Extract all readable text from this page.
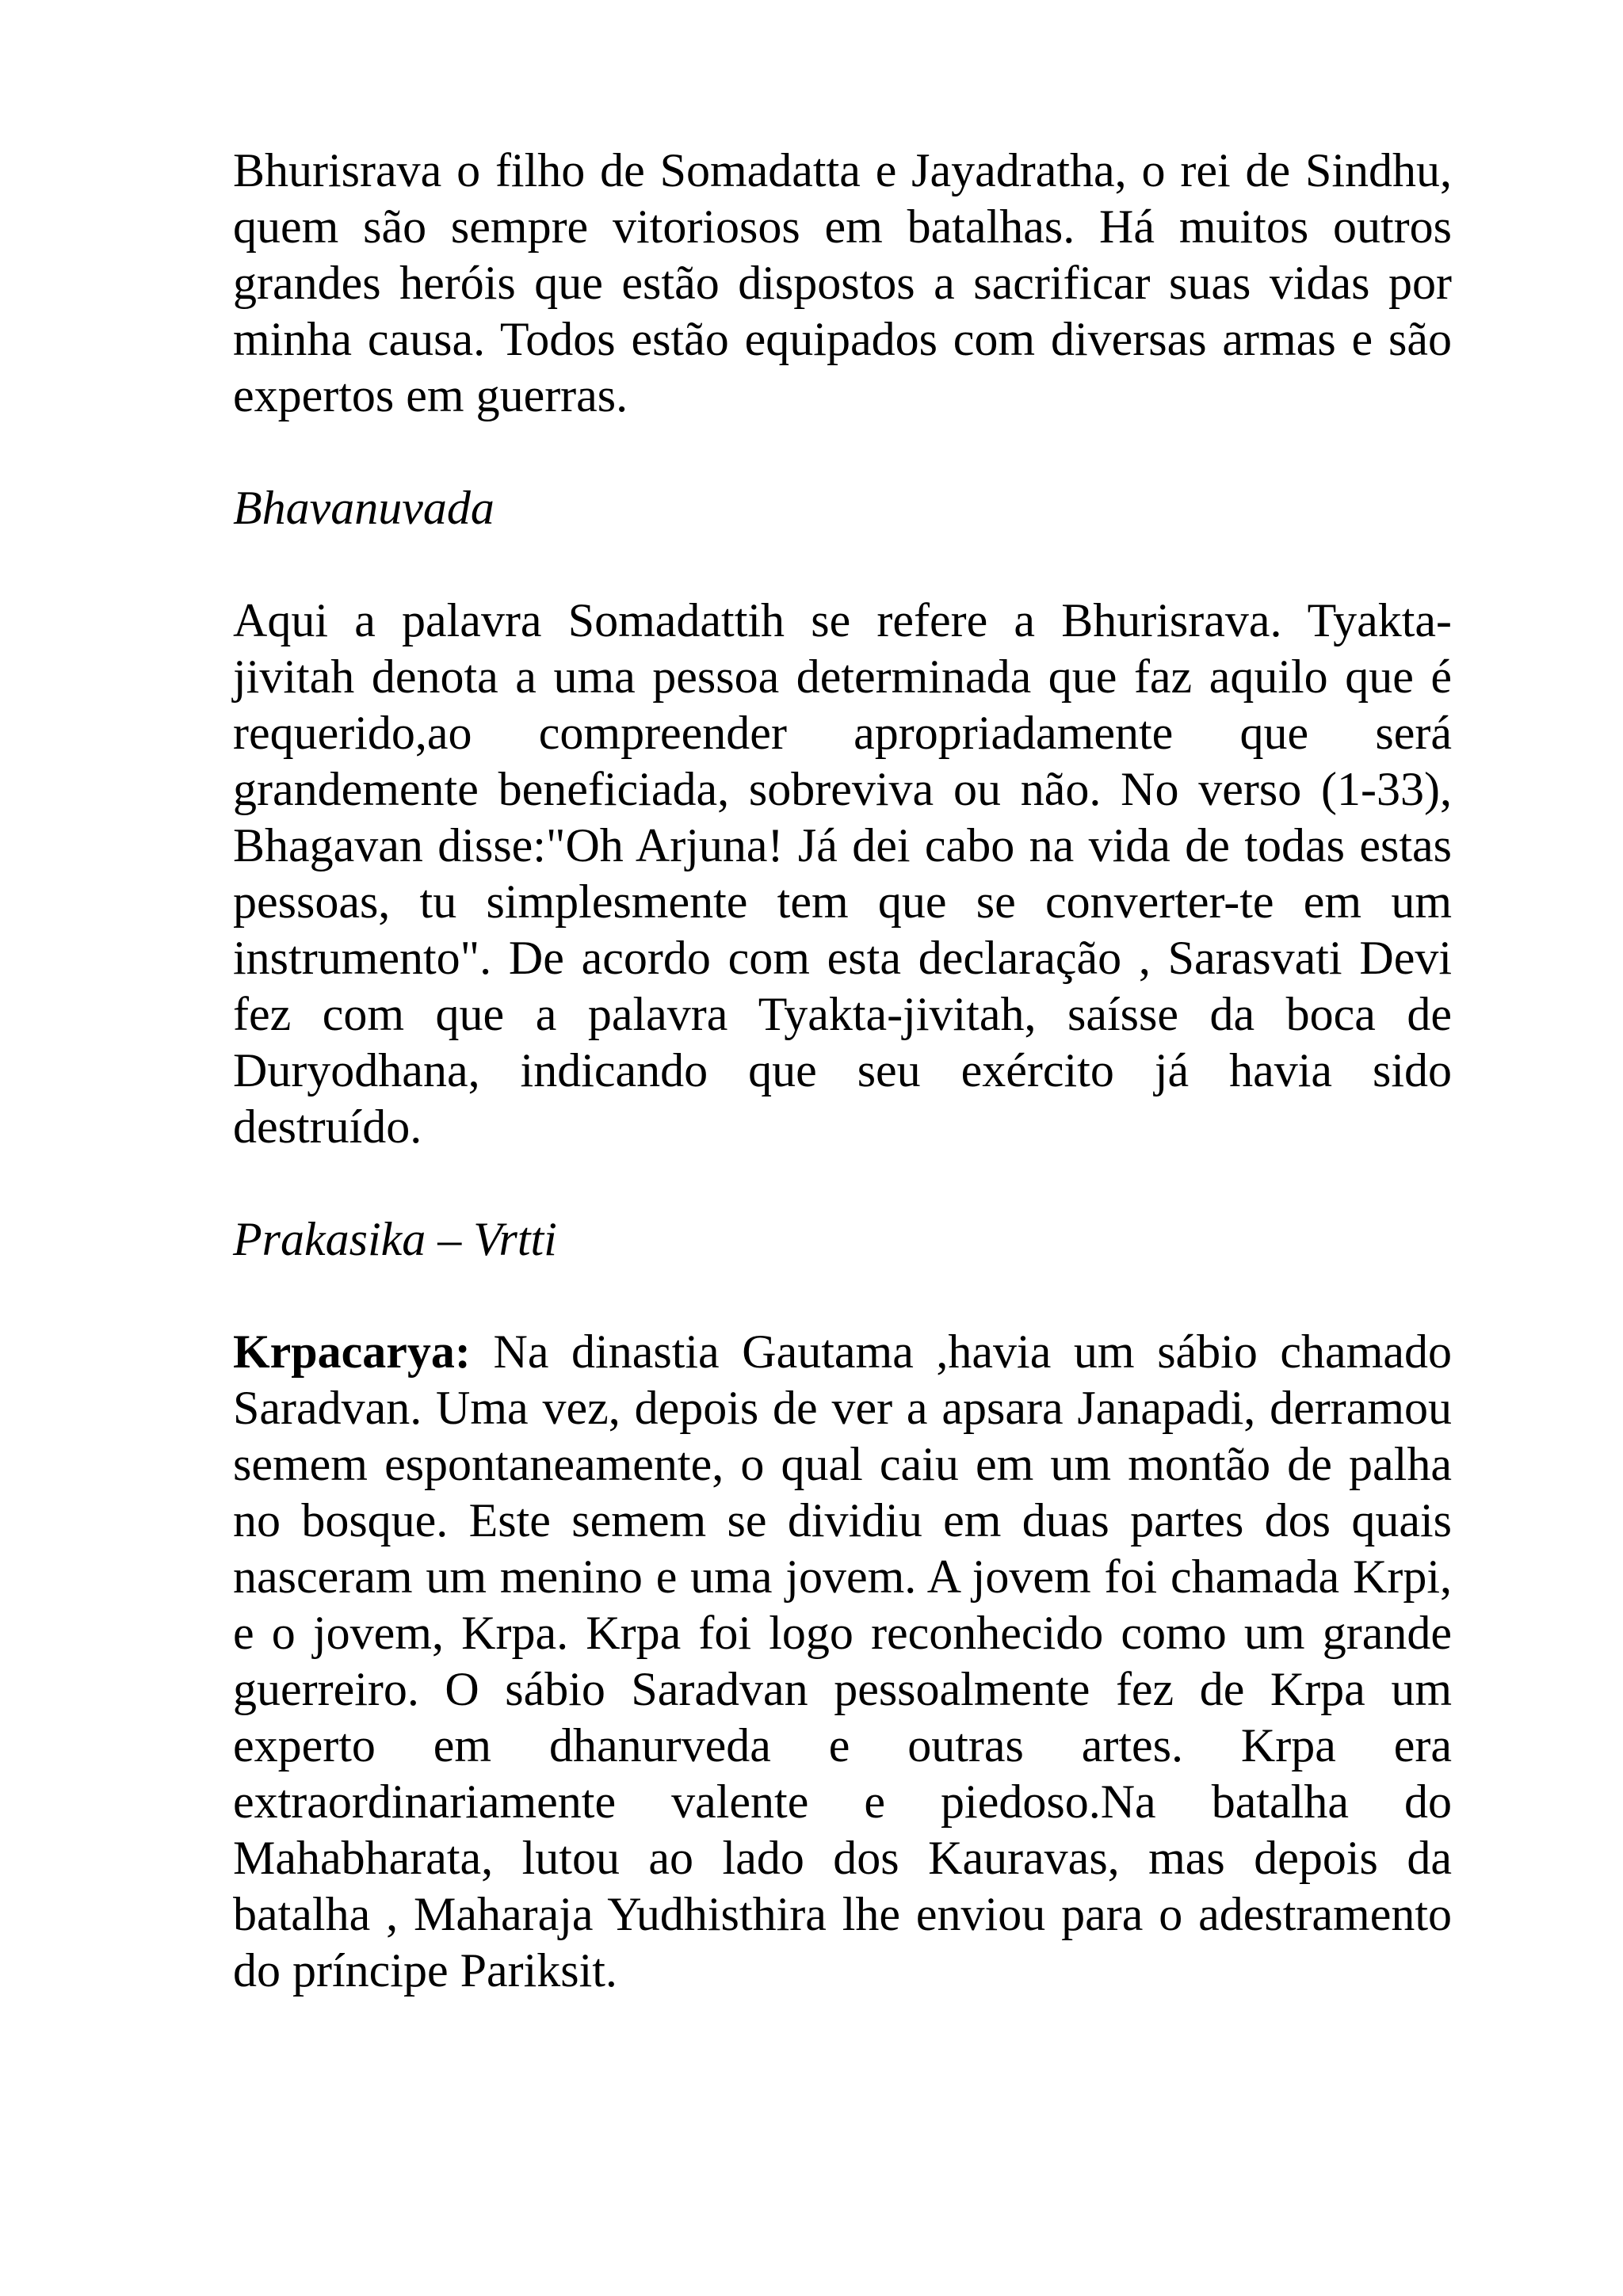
Bhurisrava o filho de Somadatta e Jayadratha, o rei de Sindhu, quem são sempre vitoriosos em batalhas. Há muitos outros grandes heróis que estão dispostos a sacrificar suas vidas por minha causa. Todos estão equipados com diversas armas e são expertos em guerras.

Bhavanuvada

Aqui a palavra Somadattih se refere a Bhurisrava. Tyakta-jivitah denota a uma pessoa determinada que faz aquilo que é requerido,ao compreender apropriadamente que será grandemente beneficiada, sobreviva ou não. No verso (1-33), Bhagavan disse:"Oh Arjuna! Já dei cabo na vida de todas estas pessoas, tu simplesmente tem que se converter-te em um instrumento". De acordo com esta declaração , Sarasvati Devi fez com que a palavra Tyakta-jivitah, saísse da boca de Duryodhana, indicando que seu exército já havia sido destruído.

Prakasika – Vrtti

Krpacarya: Na dinastia Gautama ,havia um sábio chamado Saradvan. Uma vez, depois de ver a apsara Janapadi, derramou semem espontaneamente, o qual caiu em um montão de palha no bosque. Este semem se dividiu em duas partes dos quais nasceram um menino e uma jovem. A jovem foi chamada Krpi, e o jovem, Krpa. Krpa foi logo reconhecido como um grande guerreiro. O sábio Saradvan pessoalmente fez de Krpa um experto em dhanurveda e outras artes. Krpa era extraordinariamente valente e piedoso.Na batalha do Mahabharata, lutou ao lado dos Kauravas, mas depois da batalha , Maharaja Yudhisthira lhe enviou para o adestramento do príncipe Pariksit.
